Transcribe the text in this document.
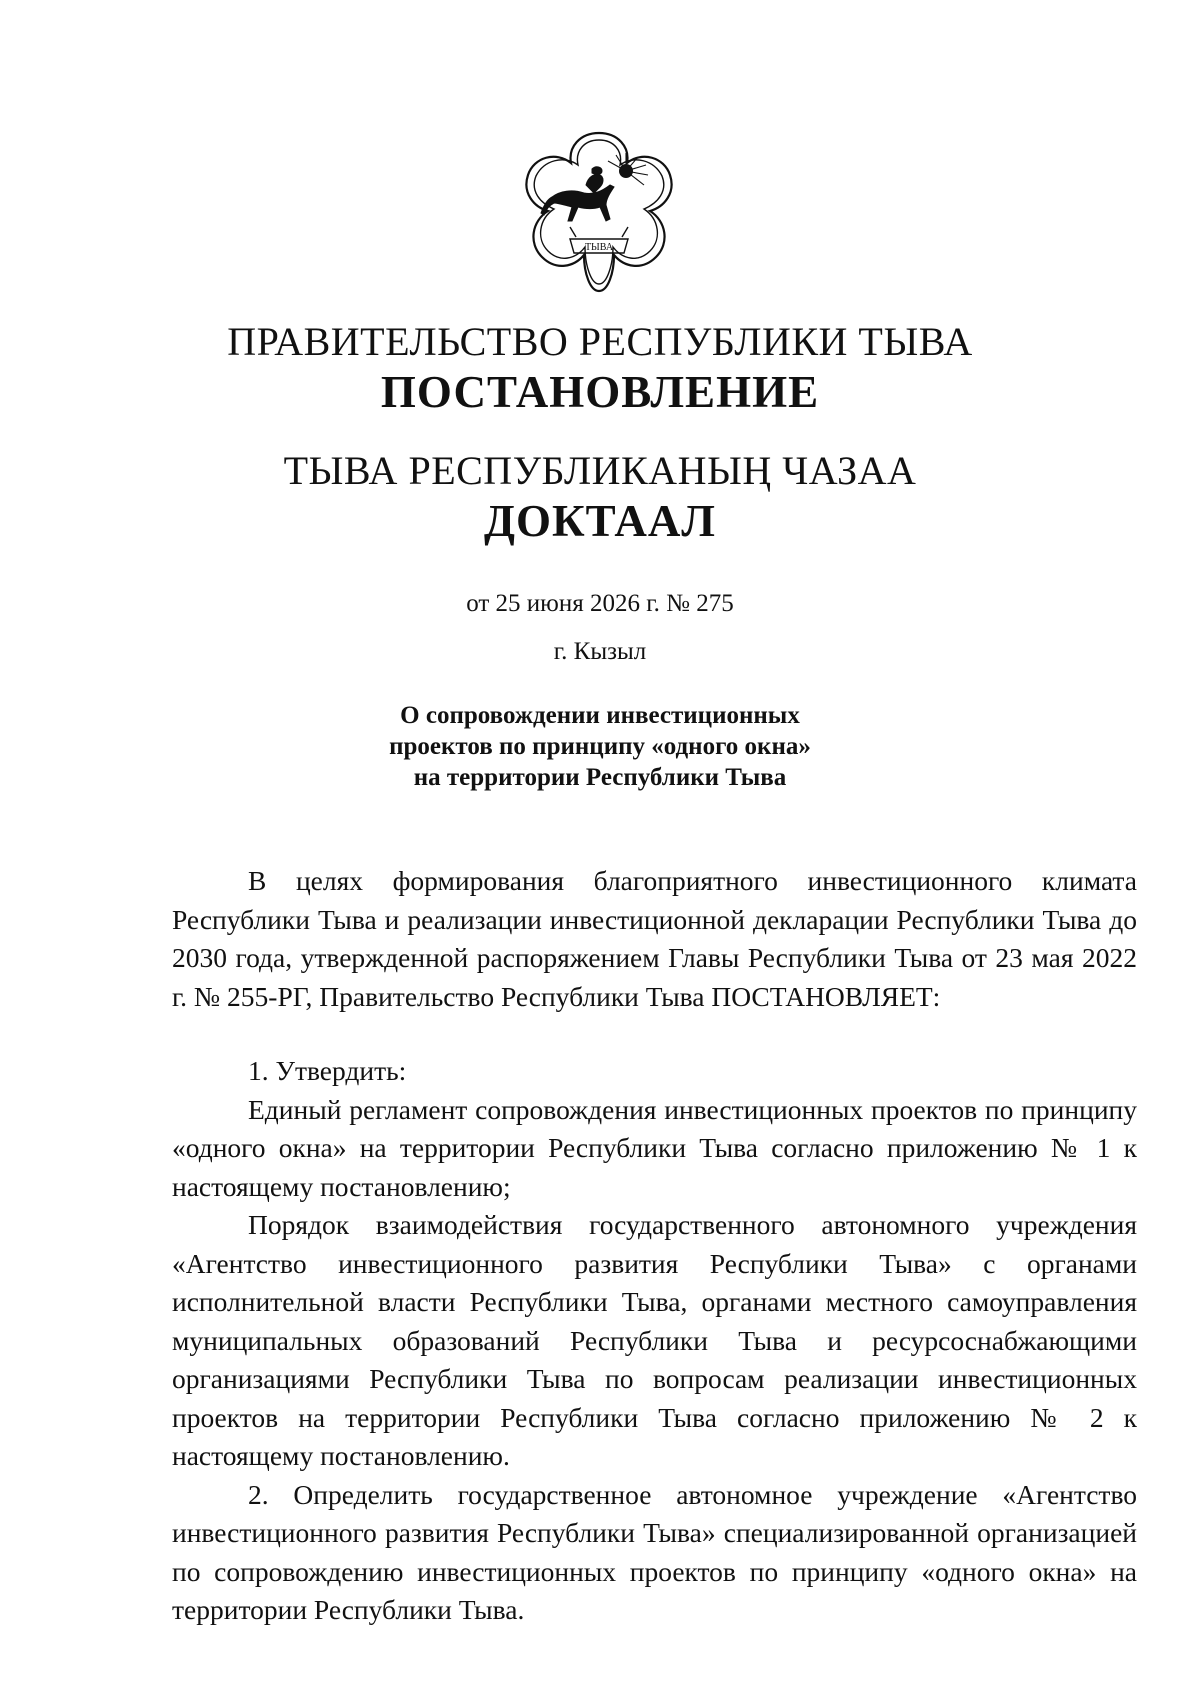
ТЫВА
ПРАВИТЕЛЬСТВО РЕСПУБЛИКИ ТЫВА
ПОСТАНОВЛЕНИЕ
ТЫВА РЕСПУБЛИКАНЫҢ ЧАЗАА
ДОКТААЛ
от 25 июня 2026 г. № 275
г. Кызыл
О сопровождении инвестиционных
проектов по принципу «одного окна»
на территории Республики Тыва

В целях формирования благоприятного инвестиционного климата Республики Тыва и реализации инвестиционной декларации Республики Тыва до 2030 года, утвержденной распоряжением Главы Республики Тыва от 23 мая 2022 г. № 255-РГ, Правительство Республики Тыва ПОСТАНОВЛЯЕТ:

1. Утвердить:

Единый регламент сопровождения инвестиционных проектов по принципу «одного окна» на территории Республики Тыва согласно приложению № 1 к настоящему постановлению;

Порядок взаимодействия государственного автономного учреждения «Агентство инвестиционного развития Республики Тыва» с органами исполнительной власти Республики Тыва, органами местного самоуправления муниципальных образований Республики Тыва и ресурсоснабжающими организациями Республики Тыва по вопросам реализации инвестиционных проектов на территории Республики Тыва согласно приложению № 2 к настоящему постановлению.

2. Определить государственное автономное учреждение «Агентство инвестиционного развития Республики Тыва» специализированной организацией по сопровождению инвестиционных проектов по принципу «одного окна» на территории Республики Тыва.
